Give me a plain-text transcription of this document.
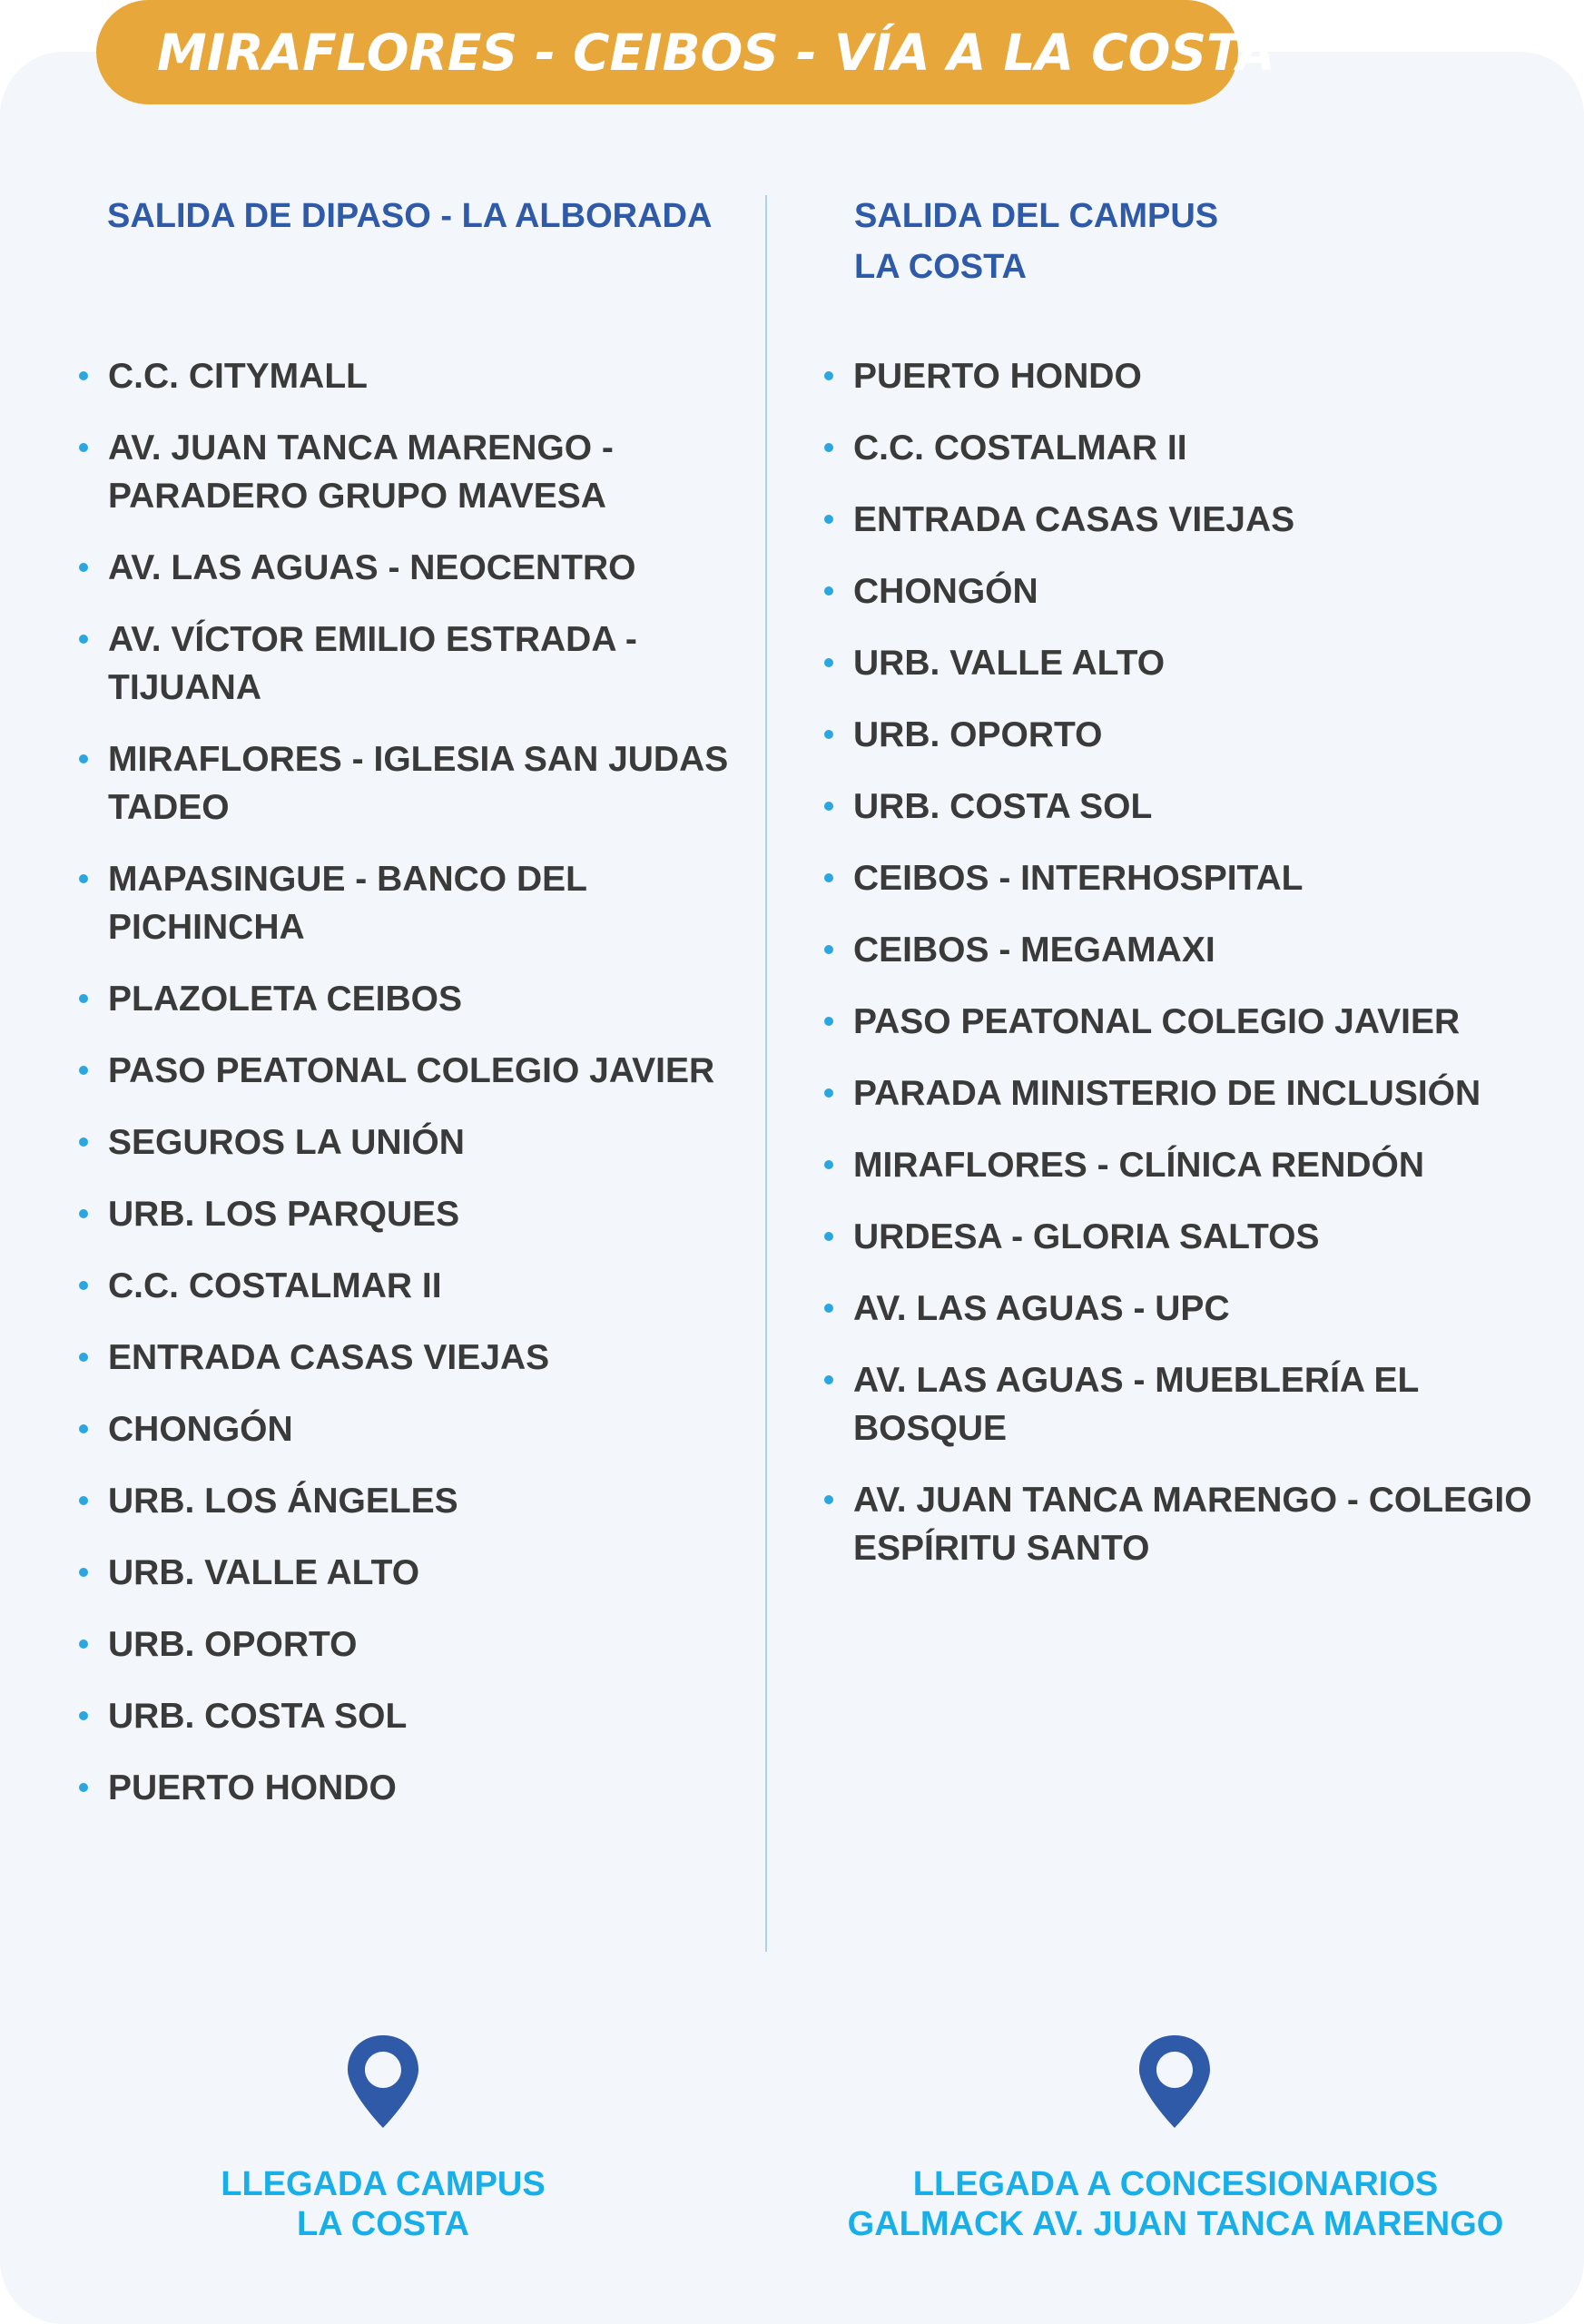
MIRAFLORES - CEIBOS - VÍA A LA COSTA
SALIDA DE DIPASO - LA ALBORADA	SALIDA DEL CAMPUS
LA COSTA
C.C. CITYMALL
AV. JUAN TANCA MARENGO - PARADERO GRUPO MAVESA
AV. LAS AGUAS - NEOCENTRO
AV. VÍCTOR EMILIO ESTRADA - TIJUANA
MIRAFLORES - IGLESIA SAN JUDAS TADEO
MAPASINGUE - BANCO DEL PICHINCHA
PLAZOLETA CEIBOS
PASO PEATONAL COLEGIO JAVIER
SEGUROS LA UNIÓN
URB. LOS PARQUES
C.C. COSTALMAR II
ENTRADA CASAS VIEJAS
CHONGÓN
URB. LOS ÁNGELES
URB. VALLE ALTO
URB. OPORTO
URB. COSTA SOL
PUERTO HONDO
PUERTO HONDO
C.C. COSTALMAR II
ENTRADA CASAS VIEJAS
CHONGÓN
URB. VALLE ALTO
URB. OPORTO
URB. COSTA SOL
CEIBOS - INTERHOSPITAL
CEIBOS - MEGAMAXI
PASO PEATONAL COLEGIO JAVIER
PARADA MINISTERIO DE INCLUSIÓN
MIRAFLORES - CLÍNICA RENDÓN
URDESA - GLORIA SALTOS
AV. LAS AGUAS - UPC
AV. LAS AGUAS - MUEBLERÍA EL BOSQUE
AV. JUAN TANCA MARENGO - COLEGIO ESPÍRITU SANTO
LLEGADA CAMPUS
LA COSTA
LLEGADA A CONCESIONARIOS
GALMACK AV. JUAN TANCA MARENGO
